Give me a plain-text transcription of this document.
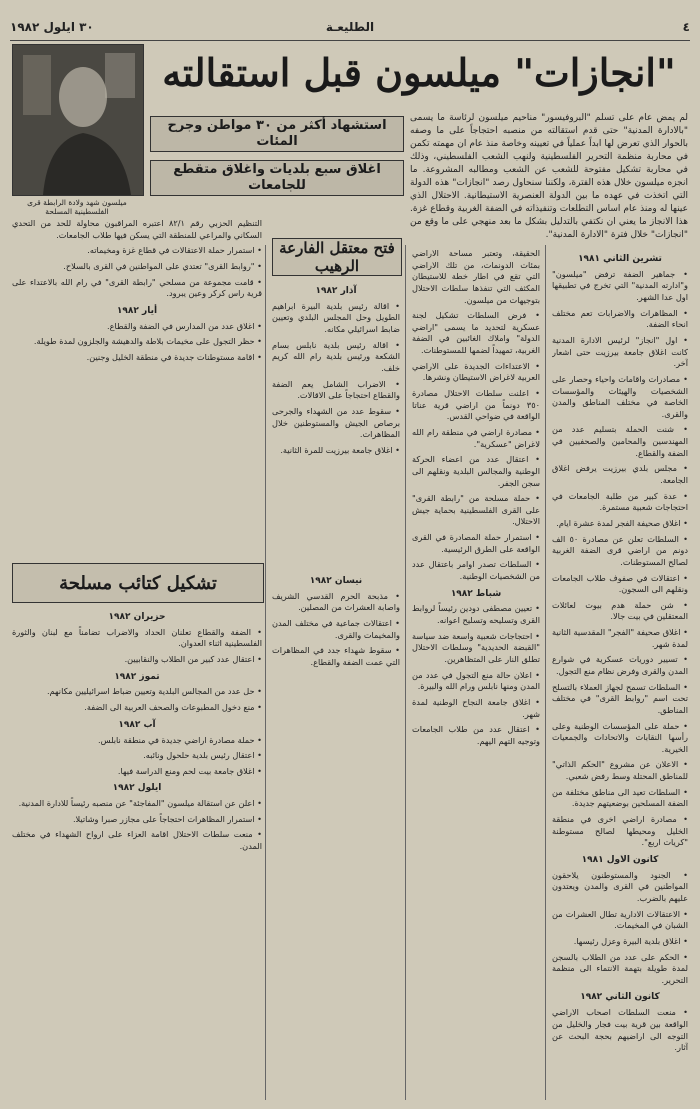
٤
الطليعـة
٣٠ ايلول ١٩٨٢
ميلسون شهد ولادة الرابطة قرى الفلسطينية المسلحة
"انجازات" ميلسون قبل استقالته
استشهاد أكثر من ٣٠ مواطن وجرح المئات
اغلاق سبع بلديات واغلاق متقطع للجامعات
لم يمض عام على تسلم "البروفيسور" مناحيم ميلسون لرئاسة ما يسمى "بالادارة المدنية" حتى قدم استقالته من منصبه احتجاجاً على ما وصفه بالحوار الذي تعرض لها ابداً عملياً في تعيينه وخاصة منذ عام ان مهمته تكمن في محاربة منظمة التحرير الفلسطينية ولنهب الشعب الفلسطيني، وذلك في محاربة تشكيل مفتوحة للشعب عن الشعب ومطالبه المشروعة. ما انجزه ميلسون خلال هذه الفترة، ولكننا سنحاول رصد "انجازات" هذه الدولة التي اتخذت في عهده ما بين الدولة العنصرية الاستيطانية. الاحتلال الذي عينها له ومنذ عام اساس التطلعات وتنفيذاته في الضفة الغربية وقطاع غزة. هذا الانجاز ما يعني ان نكتفي بالتدليل بشكل ما بعد منهجي على ما وقع من "انجازات" خلال فترة "الادارة المدنية".

تشرين الثاني ١٩٨١

• جماهير الضفة ترفض "ميلسون" و"ادارته المدنية" التي تخرج في تطبيقها اول عدا الشهر.

• المظاهرات والاضرابات تعم مختلف انحاء الضفة.

• اول "انجاز" لرئيس الادارة المدنية كانت اغلاق جامعة بيرزيت حتى اشعار آخر.

• مصادرات واقامات واحياء وحصار على الشخصيات والهيئات والمؤسسات الخاصة في مختلف المناطق والمدن والقرى.

• شنت الحملة بتسليم عدد من المهندسين والمحامين والصحفيين في الضفة والقطاع.

• مجلس بلدي بيرزيت يرفض اغلاق الجامعة.

• عدة كبير من طلبة الجامعات في احتجاجات شعبية مستمرة.

• اغلاق صحيفة الفجر لمدة عشرة ايام.

• السلطات تعلن عن مصادرة ٥٠ الف دونم من اراضي قرى الضفة الغربية لصالح المستوطنات.

• اعتقالات في صفوف طلاب الجامعات ونقلهم الى السجون.

• شن حملة هدم بيوت لعائلات المعتقلين في بيت جالا.

• اغلاق صحيفة "الفجر" المقدسية الثانية لمدة شهر.

• تسيير دوريات عسكرية في شوارع المدن والقرى وفرض نظام منع التجول.

• السلطات تسمح لجهاز العملاء بالتسلح تحت اسم "روابط القرى" في مختلف المناطق.

• حملة على المؤسسات الوطنية وعلى رأسها النقابات والاتحادات والجمعيات الخيرية.

• الاعلان عن مشروع "الحكم الذاتي" للمناطق المحتلة وسط رفض شعبي.

• السلطات تعيد الى مناطق مختلفة من الضفة المسلحين بوضعيتهم جديدة.

• مصادرة اراضي اخرى في منطقة الخليل ومحيطها لصالح مستوطنة "كريات اربع".

كانون الاول ١٩٨١

• الجنود والمستوطنون يلاحقون المواطنين في القرى والمدن ويعتدون عليهم بالضرب.

• الاعتقالات الادارية تطال العشرات من الشبان في المخيمات.

• اغلاق بلدية البيرة وعزل رئيسها.

• الحكم على عدد من الطلاب بالسجن لمدة طويلة بتهمة الانتماء الى منظمة التحرير.

كانون الثاني ١٩٨٢

• منعت السلطات اصحاب الاراضي الواقعة بين قرية بيت فجار والخليل من التوجه الى اراضيهم بحجة البحث عن آثار.

الحقيقة، وتعتبر مساحة الاراضي بمئات الدونمات، من تلك الاراضي التي تقع في اطار خطة للاستيطان المكثف التي تنفذها سلطات الاحتلال بتوجيهات من ميلسون.

• فرض السلطات تشكيل لجنة عسكرية لتحديد ما يسمى "اراضي الدولة" واملاك الغائبين في الضفة الغربية، تمهيداً لضمها للمستوطنات.

• الاعتداءات الجديدة على الاراضي العربية لاغراض الاستيطان ونشرها.

• اعلنت سلطات الاحتلال مصادرة ٣٥٠ دونماً من اراضي قرية عناتا الواقعة في ضواحي القدس.

• مصادرة اراضي في منطقة رام الله لاغراض "عسكرية".

• اعتقال عدد من اعضاء الحركة الوطنية والمجالس البلدية ونقلهم الى سجن الجفر.

• حملة مسلحة من "رابطة القرى" على القرى الفلسطينية بحماية جيش الاحتلال.

• استمرار حملة المصادرة في القرى الواقعة على الطرق الرئيسية.

• السلطات تصدر اوامر باعتقال عدد من الشخصيات الوطنية.

شباط ١٩٨٢

• تعيين مصطفى دودين رئيساً لروابط القرى وتسليحه وتسليح اعوانه.

• احتجاجات شعبية واسعة ضد سياسة "القبضة الحديدية" وسلطات الاحتلال تطلق النار على المتظاهرين.

• اعلان حالة منع التجول في عدد من المدن ومنها نابلس ورام الله والبيرة.

• اغلاق جامعة النجاح الوطنية لمدة شهر.

• اعتقال عدد من طلاب الجامعات وتوجيه التهم اليهم.

فتح معتقل الفارعة الرهيب

آذار ١٩٨٢

• اقالة رئيس بلدية البيرة ابراهيم الطويل وحل المجلس البلدي وتعيين ضابط اسرائيلي مكانه.

• اقالة رئيس بلدية نابلس بسام الشكعة ورئيس بلدية رام الله كريم خلف.

• الاضراب الشامل يعم الضفة والقطاع احتجاجاً على الاقالات.

• سقوط عدد من الشهداء والجرحى برصاص الجيش والمستوطنين خلال المظاهرات.

• اغلاق جامعة بيرزيت للمرة الثانية.

التنظيم الحزبي رقم ٨٢/١ اعتبره المراقبون محاولة للحد من التحدي السكاني والمراعي للمنطقة التي يسكن فيها طلاب الجامعات.

• استمرار حملة الاعتقالات في قطاع غزة ومخيماته.

• "روابط القرى" تعتدي على المواطنين في القرى بالسلاح.

• قامت مجموعة من مسلحي "رابطة القرى" في رام الله بالاعتداء على قرية راس كركر وعين يبرود.

أيار ١٩٨٢

• اغلاق عدد من المدارس في الضفة والقطاع.

• حظر التجول على مخيمات بلاطة والدهيشة والجلزون لمدة طويلة.

• اقامة مستوطنات جديدة في منطقة الخليل وجنين.

تشكيل كتائب مسلحة

حزيران ١٩٨٢

• الضفة والقطاع تعلنان الحداد والاضراب تضامناً مع لبنان والثورة الفلسطينية اثناء العدوان.

• اعتقال عدد كبير من الطلاب والنقابيين.

تموز ١٩٨٢

• حل عدد من المجالس البلدية وتعيين ضباط اسرائيليين مكانهم.

• منع دخول المطبوعات والصحف العربية الى الضفة.

آب ١٩٨٢

• حملة مصادرة اراضي جديدة في منطقة نابلس.

• اعتقال رئيس بلدية حلحول ونائبه.

• اغلاق جامعة بيت لحم ومنع الدراسة فيها.

ايلول ١٩٨٢

• اعلن عن استقالة ميلسون "المفاجئة" عن منصبه رئيساً للادارة المدنية.

• استمرار المظاهرات احتجاجاً على مجازر صبرا وشاتيلا.

• منعت سلطات الاحتلال اقامة العزاء على ارواح الشهداء في مختلف المدن.

نيسان ١٩٨٢

• مذبحة الحرم القدسي الشريف واصابة العشرات من المصلين.

• اعتقالات جماعية في مختلف المدن والمخيمات والقرى.

• سقوط شهداء جدد في المظاهرات التي عمت الضفة والقطاع.
